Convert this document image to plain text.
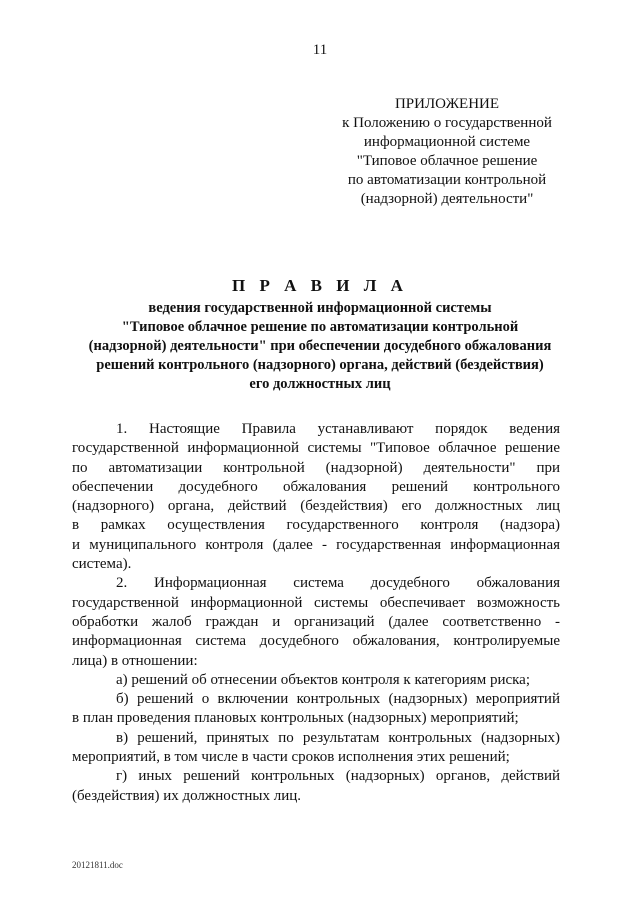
11
ПРИЛОЖЕНИЕ
к Положению о государственной
информационной системе
"Типовое облачное решение
по автоматизации контрольной
(надзорной) деятельности"
П Р А В И Л А
ведения государственной информационной системы
"Типовое облачное решение по автоматизации контрольной
(надзорной) деятельности" при обеспечении досудебного обжалования
решений контрольного (надзорного) органа, действий (бездействия)
его должностных лиц
1. Настоящие Правила устанавливают порядок ведения
государственной информационной системы "Типовое облачное решение
по автоматизации контрольной (надзорной) деятельности" при
обеспечении досудебного обжалования решений контрольного
(надзорного) органа, действий (бездействия) его должностных лиц
в рамках осуществления государственного контроля (надзора)
и муниципального контроля (далее - государственная информационная
система).
2. Информационная система досудебного обжалования
государственной информационной системы обеспечивает возможность
обработки жалоб граждан и организаций (далее соответственно -
информационная система досудебного обжалования, контролируемые
лица) в отношении:
а) решений об отнесении объектов контроля к категориям риска;
б) решений о включении контрольных (надзорных) мероприятий
в план проведения плановых контрольных (надзорных) мероприятий;
в) решений, принятых по результатам контрольных (надзорных)
мероприятий, в том числе в части сроков исполнения этих решений;
г) иных решений контрольных (надзорных) органов, действий
(бездействия) их должностных лиц.
20121811.doc
